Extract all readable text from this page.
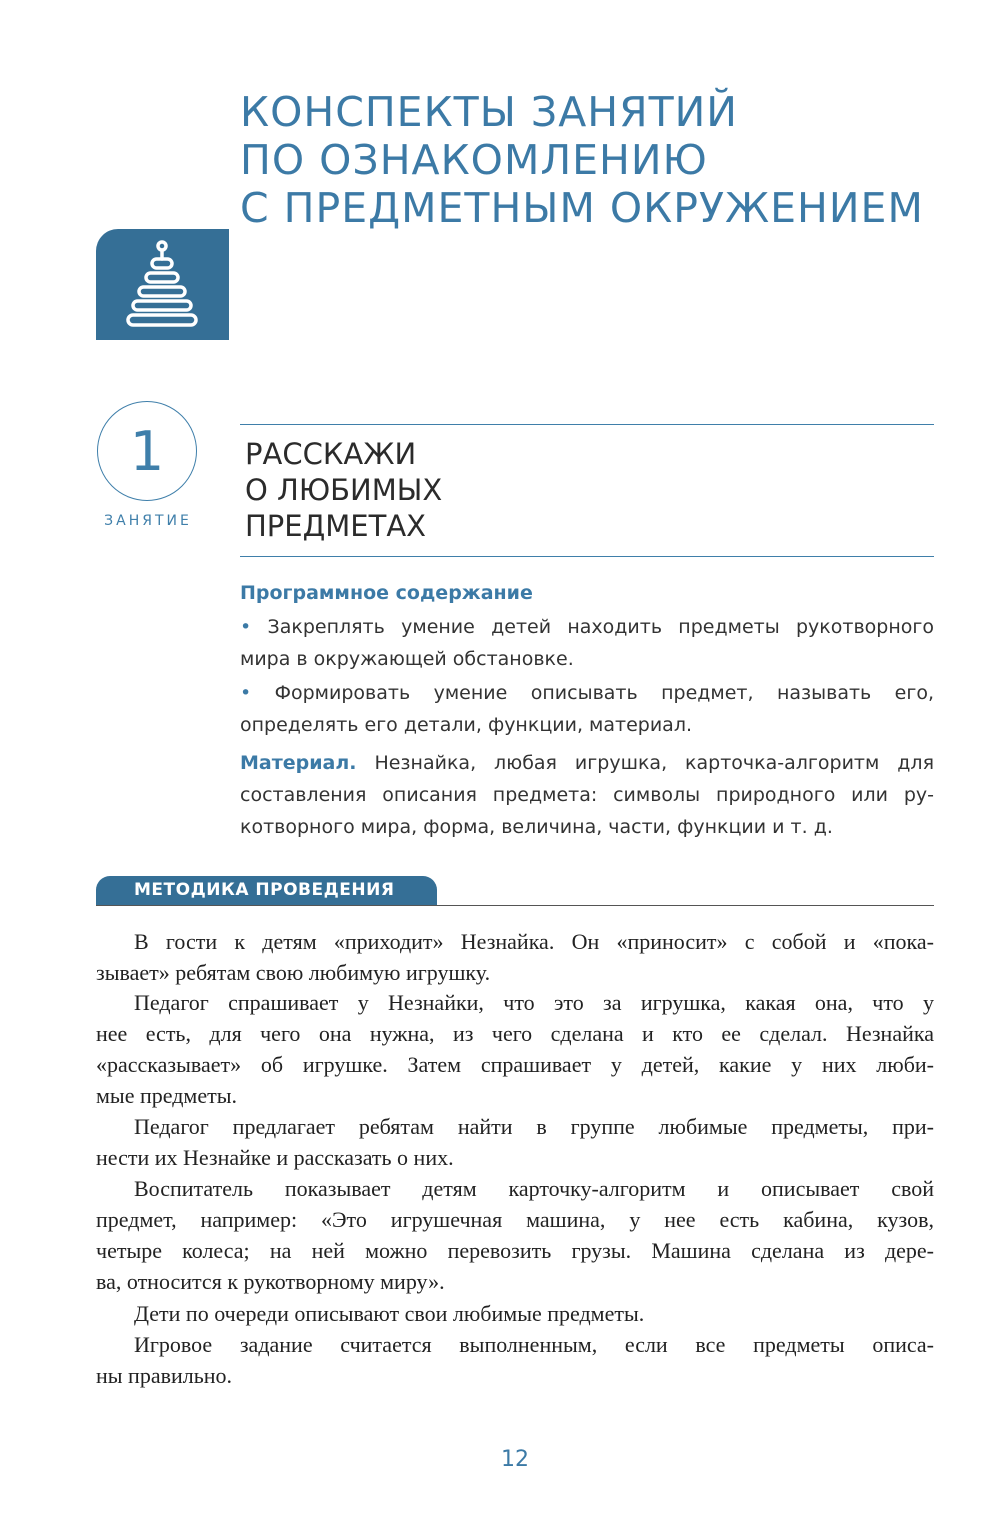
КОНСПЕКТЫ ЗАНЯТИЙ
ПО ОЗНАКОМЛЕНИЮ
С ПРЕДМЕТНЫМ ОКРУЖЕНИЕМ
1
ЗАНЯТИЕ
РАССКАЖИ
О ЛЮБИМЫХ
ПРЕДМЕТАХ
Программное содержание
• Закреплять умение детей находить предметы рукотворного
мира в окружающей обстановке.
• Формировать умение описывать предмет, называть его,
определять его детали, функции, материал.
Материал. Незнайка, любая игрушка, карточка-алгоритм для
составления описания предмета: символы природного или ру-
котворного мира, форма, величина, части, функции и т. д.
МЕТОДИКА ПРОВЕДЕНИЯ
В гости к детям «приходит» Незнайка. Он «приносит» с собой и «пока-
зывает» ребятам свою любимую игрушку.
Педагог спрашивает у Незнайки, что это за игрушка, какая она, что у
нее есть, для чего она нужна, из чего сделана и кто ее сделал. Незнайка
«рассказывает» об игрушке. Затем спрашивает у детей, какие у них люби-
мые предметы.
Педагог предлагает ребятам найти в группе любимые предметы, при-
нести их Незнайке и рассказать о них.
Воспитатель показывает детям карточку-алгоритм и описывает свой
предмет, например: «Это игрушечная машина, у нее есть кабина, кузов,
четыре колеса; на ней можно перевозить грузы. Машина сделана из дере-
ва, относится к рукотворному миру».
Дети по очереди описывают свои любимые предметы.
Игровое задание считается выполненным, если все предметы описа-
ны правильно.
12
